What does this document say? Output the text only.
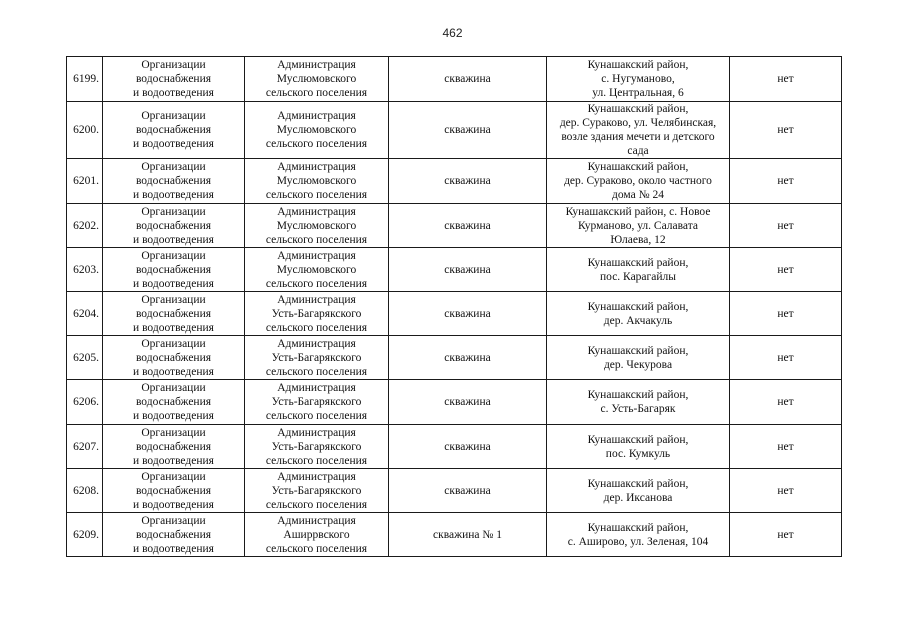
462
6199.	Организации
водоснабжения
и водоотведения	Администрация
Муслюмовского
сельского поселения	скважина	Кунашакский район,
с. Нугуманово,
ул. Центральная, 6	нет
6200.	Организации
водоснабжения
и водоотведения	Администрация
Муслюмовского
сельского поселения	скважина	Кунашакский район,
дер. Сураково, ул. Челябинская,
возле здания мечети и детского
сада	нет
6201.	Организации
водоснабжения
и водоотведения	Администрация
Муслюмовского
сельского поселения	скважина	Кунашакский район,
дер. Сураково, около частного
дома № 24	нет
6202.	Организации
водоснабжения
и водоотведения	Администрация
Муслюмовского
сельского поселения	скважина	Кунашакский район, с. Новое
Курманово, ул. Салавата
Юлаева, 12	нет
6203.	Организации
водоснабжения
и водоотведения	Администрация
Муслюмовского
сельского поселения	скважина	Кунашакский район,
пос. Карагайлы	нет
6204.	Организации
водоснабжения
и водоотведения	Администрация
Усть-Багарякского
сельского поселения	скважина	Кунашакский район,
дер. Акчакуль	нет
6205.	Организации
водоснабжения
и водоотведения	Администрация
Усть-Багарякского
сельского поселения	скважина	Кунашакский район,
дер. Чекурова	нет
6206.	Организации
водоснабжения
и водоотведения	Администрация
Усть-Багарякского
сельского поселения	скважина	Кунашакский район,
с. Усть-Багаряк	нет
6207.	Организации
водоснабжения
и водоотведения	Администрация
Усть-Багарякского
сельского поселения	скважина	Кунашакский район,
пос. Кумкуль	нет
6208.	Организации
водоснабжения
и водоотведения	Администрация
Усть-Багарякского
сельского поселения	скважина	Кунашакский район,
дер. Иксанова	нет
6209.	Организации
водоснабжения
и водоотведения	Администрация
Аширрвского
сельского поселения	скважина № 1	Кунашакский район,
с. Аширово, ул. Зеленая, 104	нет
